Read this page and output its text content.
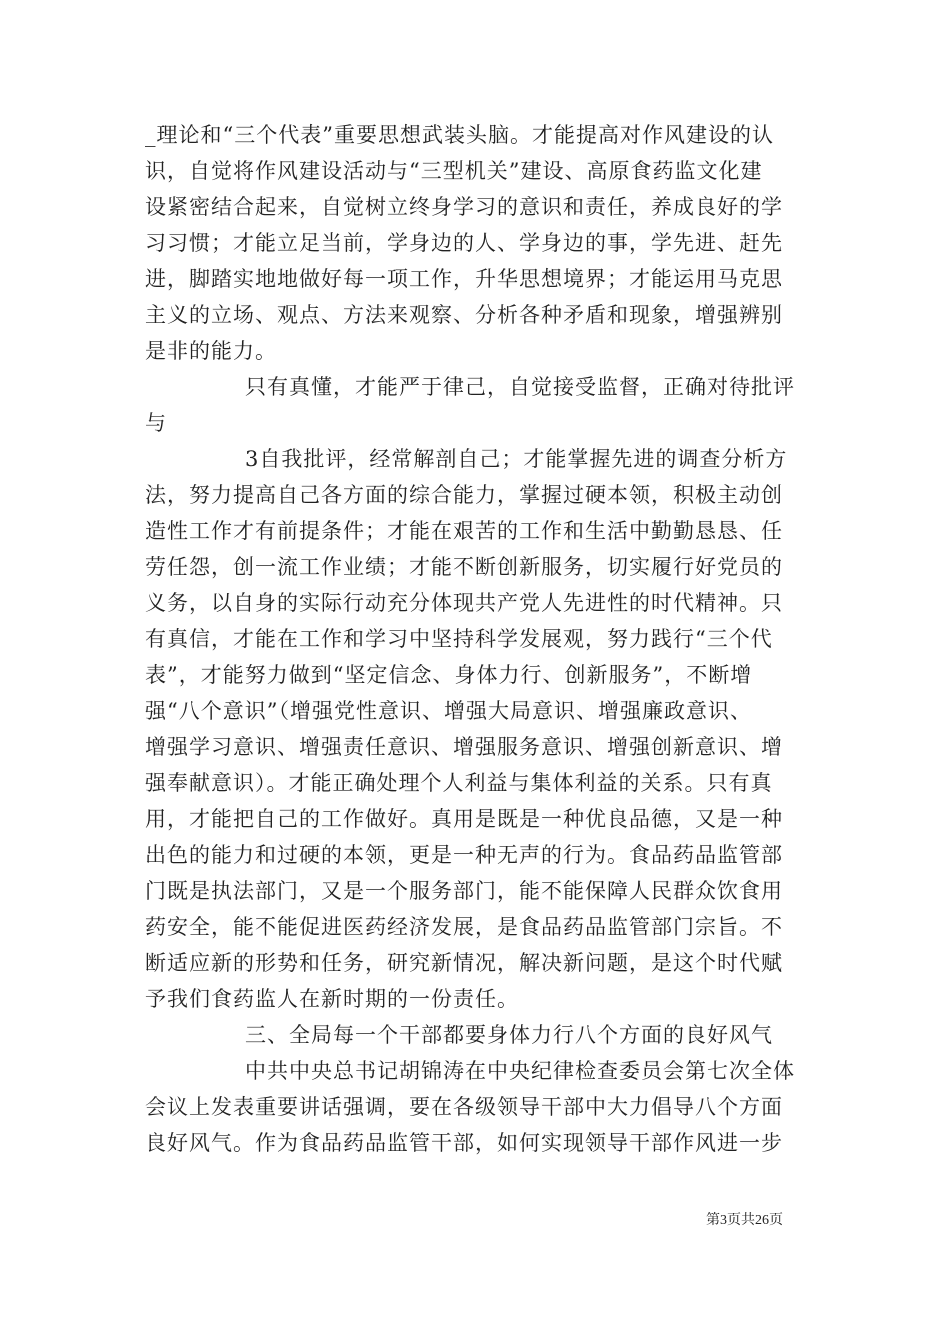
_理论和“三个代表”重要思想武装头脑。才能提高对作风建设的认
识，自觉将作风建设活动与“三型机关”建设、高原食药监文化建
设紧密结合起来，自觉树立终身学习的意识和责任，养成良好的学
习习惯；才能立足当前，学身边的人、学身边的事，学先进、赶先
进，脚踏实地地做好每一项工作，升华思想境界；才能运用马克思
主义的立场、观点、方法来观察、分析各种矛盾和现象，增强辨别
是非的能力。
只有真懂，才能严于律己，自觉接受监督，正确对待批评
与
3自我批评，经常解剖自己；才能掌握先进的调查分析方
法，努力提高自己各方面的综合能力，掌握过硬本领，积极主动创
造性工作才有前提条件；才能在艰苦的工作和生活中勤勤恳恳、任
劳任怨，创一流工作业绩；才能不断创新服务，切实履行好党员的
义务，以自身的实际行动充分体现共产党人先进性的时代精神。只
有真信，才能在工作和学习中坚持科学发展观，努力践行“三个代
表”，才能努力做到“坚定信念、身体力行、创新服务”，不断增
强“八个意识”（增强党性意识、增强大局意识、增强廉政意识、
增强学习意识、增强责任意识、增强服务意识、增强创新意识、增
强奉献意识）。才能正确处理个人利益与集体利益的关系。只有真
用，才能把自己的工作做好。真用是既是一种优良品德，又是一种
出色的能力和过硬的本领，更是一种无声的行为。食品药品监管部
门既是执法部门，又是一个服务部门，能不能保障人民群众饮食用
药安全，能不能促进医药经济发展，是食品药品监管部门宗旨。不
断适应新的形势和任务，研究新情况，解决新问题，是这个时代赋
予我们食药监人在新时期的一份责任。
三、全局每一个干部都要身体力行八个方面的良好风气
中共中央总书记胡锦涛在中央纪律检查委员会第七次全体
会议上发表重要讲话强调，要在各级领导干部中大力倡导八个方面
良好风气。作为食品药品监管干部，如何实现领导干部作风进一步
第3页共26页
